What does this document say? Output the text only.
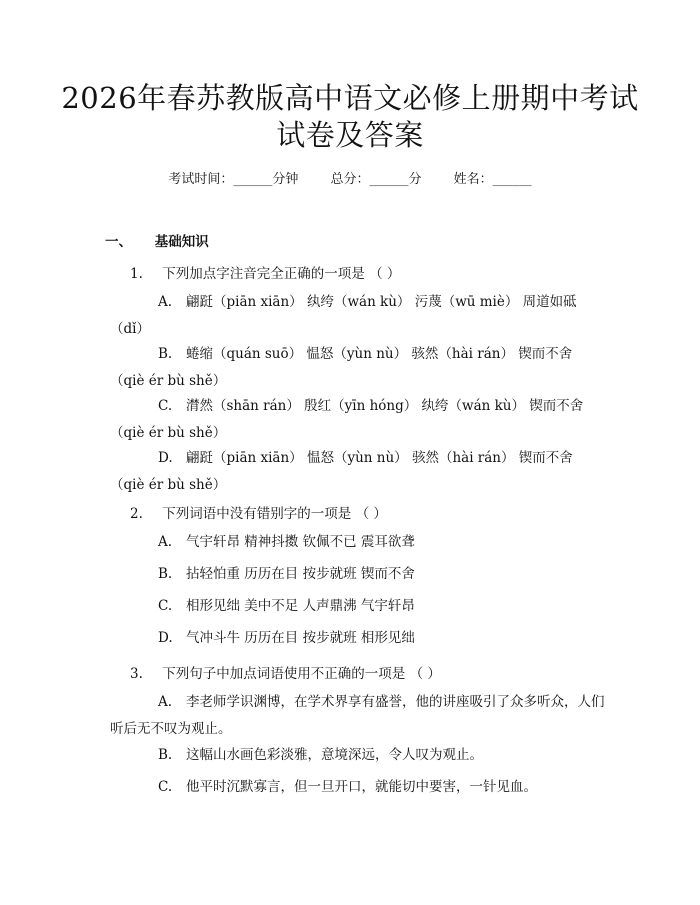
2026年春苏教版高中语文必修上册期中考试试卷及答案
考试时间：______分钟 总分：______分 姓名：______
一、 基础知识
1. 下列加点字注音完全正确的一项是 （ ）
A. 翩跹（piān xiān） 纨绔（wán kù） 污蔑（wū miè） 周道如砥（dǐ）
B. 蜷缩（quán suō） 愠怒（yùn nù） 骇然（hài rán） 锲而不舍（qiè ér bù shě）
C. 潸然（shān rán） 殷红（yīn hóng） 纨绔（wán kù） 锲而不舍（qiè ér bù shě）
D. 翩跹（piān xiān） 愠怒（yùn nù） 骇然（hài rán） 锲而不舍（qiè ér bù shě）
2. 下列词语中没有错别字的一项是 （ ）
A. 气宇轩昂 精神抖擞 钦佩不已 震耳欲聋
B. 拈轻怕重 历历在目 按步就班 锲而不舍
C. 相形见绌 美中不足 人声鼎沸 气宇轩昂
D. 气冲斗牛 历历在目 按步就班 相形见绌
3. 下列句子中加点词语使用不正确的一项是 （ ）
A. 李老师学识渊博，在学术界享有盛誉，他的讲座吸引了众多听众，人们听后无不叹为观止。
B. 这幅山水画色彩淡雅，意境深远，令人叹为观止。
C. 他平时沉默寡言，但一旦开口，就能切中要害，一针见血。
